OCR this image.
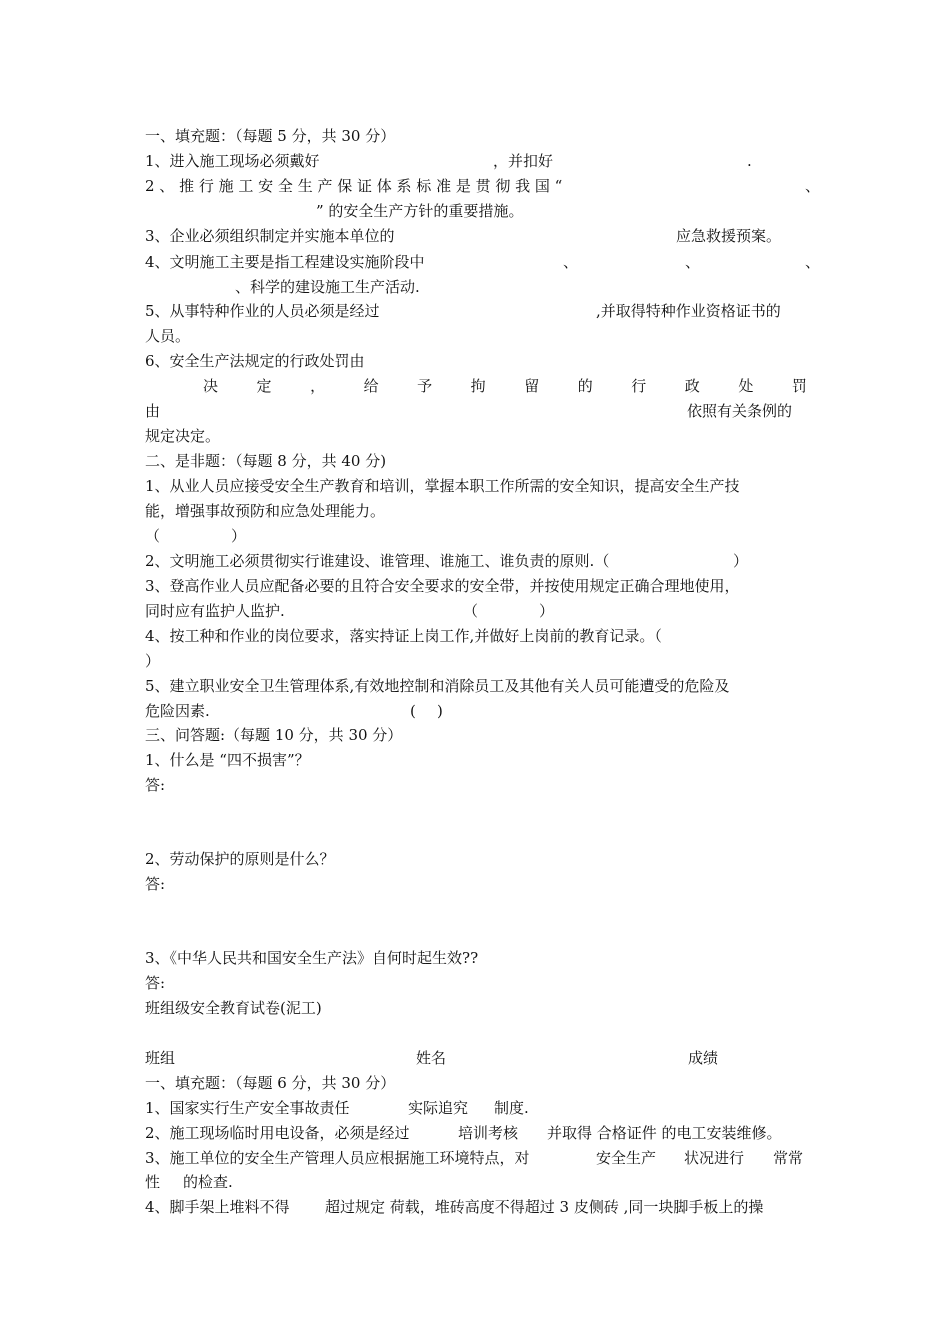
一、填充题：（每题 5 分，共 30 分）
1、进入施工现场必须戴好	，并扣好	.
2 、 推 行 施 工 安 全 生 产 保 证 体 系 标 准 是 贯 彻 我 国 “	、
” 的安全生产方针的重要措施。
3、企业必须组织制定并实施本单位的	应急救援预案。
4、文明施工主要是指工程建设实施阶段中	、	、	、
、科学的建设施工生产活动.
5、从事特种作业的人员必须是经过	,并取得特种作业资格证书的
人员。
6、安全生产法规定的行政处罚由
决	定	，	给	予	拘	留	的	行	政	处	罚
由	依照有关条例的
规定决定。
二、是非题：（每题 8 分，共 40 分)
1、从业人员应接受安全生产教育和培训，掌握本职工作所需的安全知识，提高安全生产技
能，增强事故预防和应急处理能力。
（	）
2、文明施工必须贯彻实行谁建设、谁管理、谁施工、谁负责的原则.（	）
3、登高作业人员应配备必要的且符合安全要求的安全带，并按使用规定正确合理地使用，
同时应有监护人监护.	（	）
4、按工种和作业的岗位要求，落实持证上岗工作,并做好上岗前的教育记录。（
）
5、建立职业安全卫生管理体系,有效地控制和消除员工及其他有关人员可能遭受的危险及
危险因素.	( )
三、问答题:（每题 10 分，共 30 分）
1、什么是 “四不损害”？
答:
2、劳动保护的原则是什么？
答:
3、《中华人民共和国安全生产法》自何时起生效??
答:
班组级安全教育试卷(泥工)
班组	姓名	成绩
一、填充题：（每题 6 分，共 30 分）
1、国家实行生产安全事故责任	实际追究 制度.
2、施工现场临时用电设备，必须是经过	培训考核 并取得 合格证件 的电工安装维修。
3、施工单位的安全生产管理人员应根据施工环境特点，对	安全生产 状况进行 常常
性 的检查.
4、脚手架上堆料不得 超过规定 荷载，堆砖高度不得超过 3 皮侧砖 ,同一块脚手板上的操
